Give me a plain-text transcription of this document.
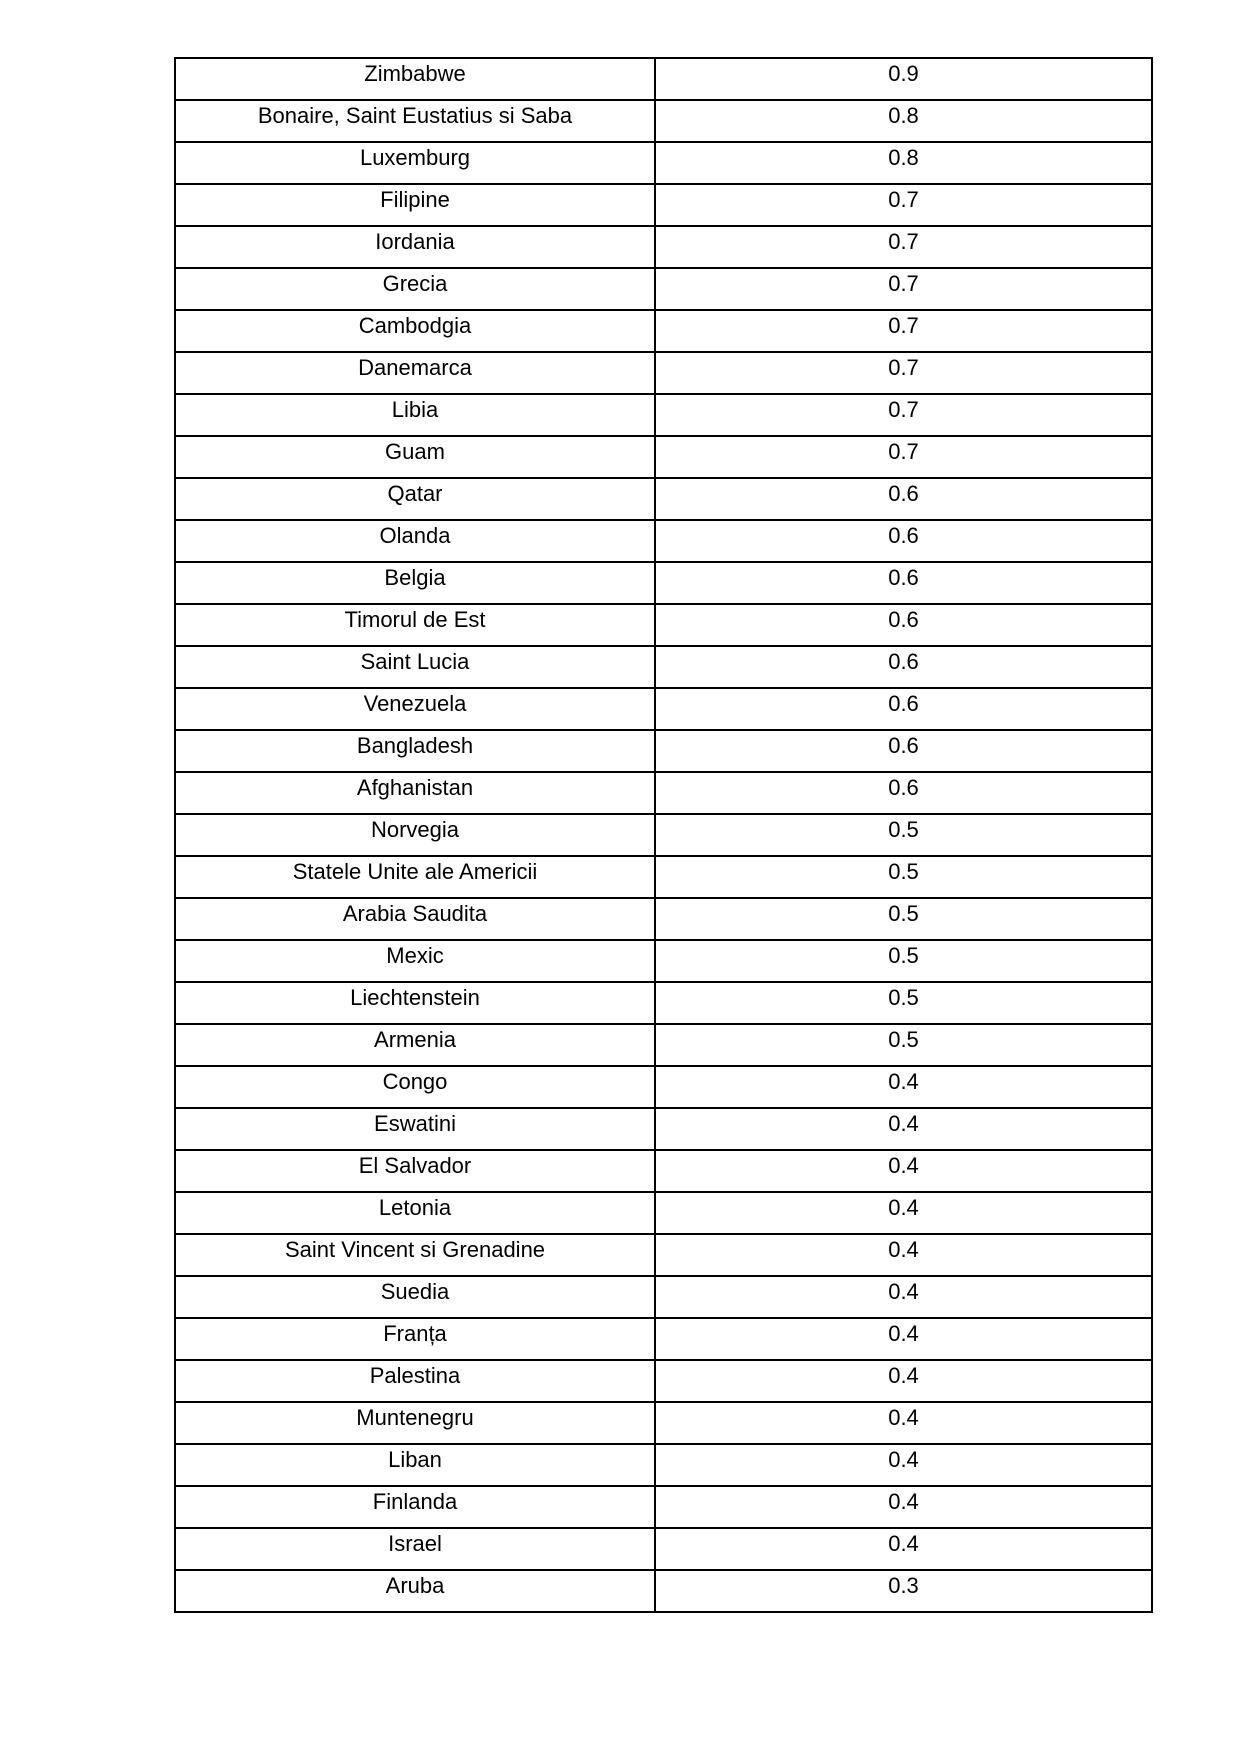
Zimbabwe	0.9
Bonaire, Saint Eustatius si Saba	0.8
Luxemburg	0.8
Filipine	0.7
Iordania	0.7
Grecia	0.7
Cambodgia	0.7
Danemarca	0.7
Libia	0.7
Guam	0.7
Qatar	0.6
Olanda	0.6
Belgia	0.6
Timorul de Est	0.6
Saint Lucia	0.6
Venezuela	0.6
Bangladesh	0.6
Afghanistan	0.6
Norvegia	0.5
Statele Unite ale Americii	0.5
Arabia Saudita	0.5
Mexic	0.5
Liechtenstein	0.5
Armenia	0.5
Congo	0.4
Eswatini	0.4
El Salvador	0.4
Letonia	0.4
Saint Vincent si Grenadine	0.4
Suedia	0.4
Franța	0.4
Palestina	0.4
Muntenegru	0.4
Liban	0.4
Finlanda	0.4
Israel	0.4
Aruba	0.3
